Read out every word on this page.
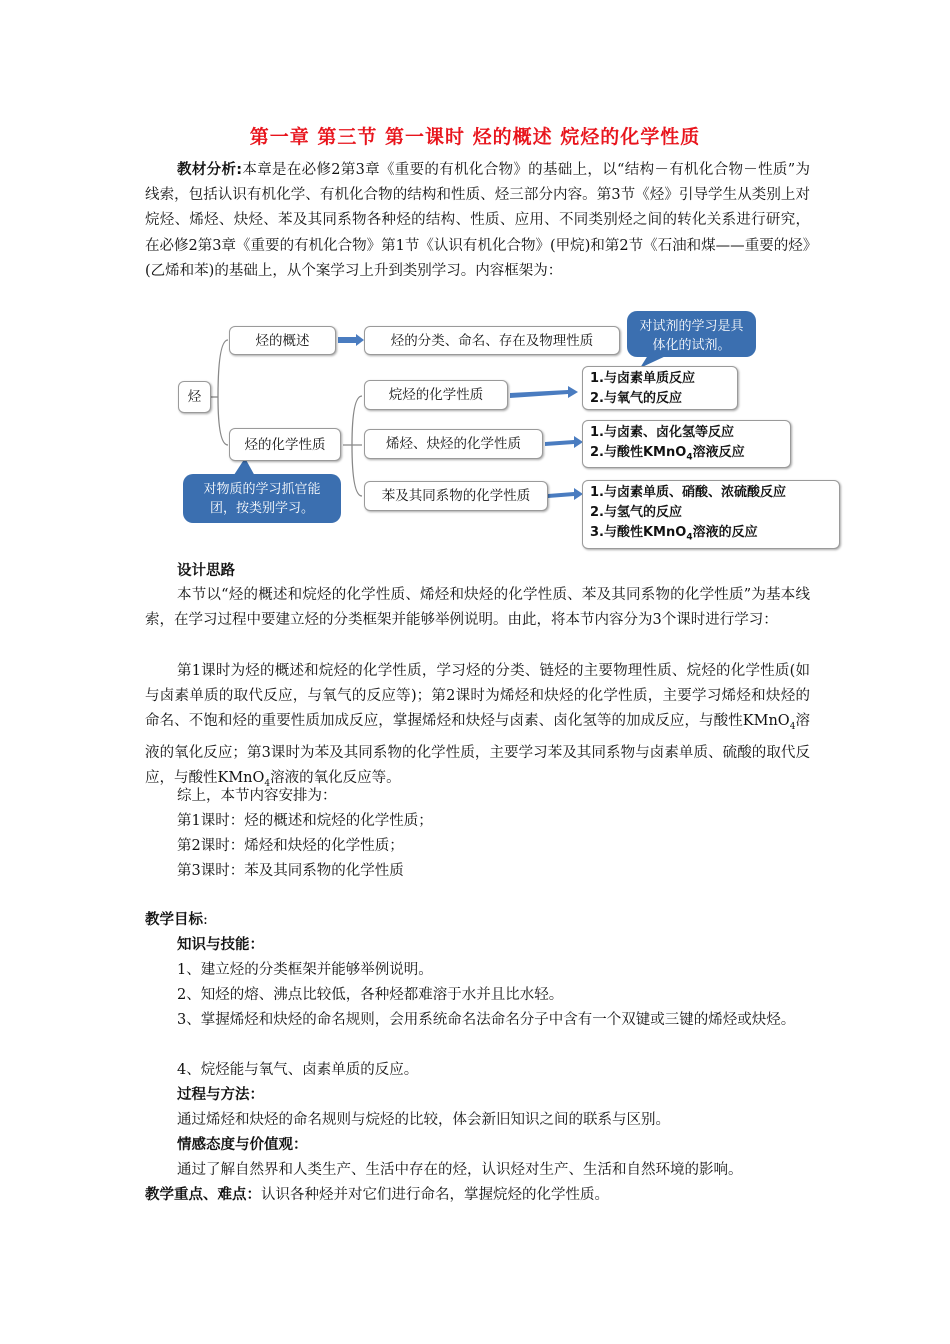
第一章 第三节 第一课时 烃的概述 烷烃的化学性质
教材分析:本章是在必修2第3章《重要的有机化合物》的基础上，以“结构－有机化合物－性质”为线索，包括认识有机化学、有机化合物的结构和性质、烃三部分内容。第3节《烃》引导学生从类别上对烷烃、烯烃、炔烃、苯及其同系物各种烃的结构、性质、应用、不同类别烃之间的转化关系进行研究，在必修2第3章《重要的有机化合物》第1节《认识有机化合物》(甲烷)和第2节《石油和煤——重要的烃》(乙烯和苯)的基础上，从个案学习上升到类别学习。内容框架为：
烃
烃的概述	烃的分类、命名、存在及物理性质
烃的化学性质
烷烃的化学性质
烯烃、炔烃的化学性质
苯及其同系物的化学性质
1.与卤素单质反应
2.与氧气的反应
1.与卤素、卤化氢等反应
2.与酸性KMnO$_4$溶液反应
1.与卤素单质、硝酸、浓硫酸反应
2.与氢气的反应
3.与酸性KMnO$_4$溶液的反应
对试剂的学习是具体化的试剂。
对物质的学习抓官能团，按类别学习。
设计思路
本节以“烃的概述和烷烃的化学性质、烯烃和炔烃的化学性质、苯及其同系物的化学性质”为基本线索，在学习过程中要建立烃的分类框架并能够举例说明。由此，将本节内容分为3个课时进行学习：
第1课时为烃的概述和烷烃的化学性质，学习烃的分类、链烃的主要物理性质、烷烃的化学性质(如与卤素单质的取代反应，与氧气的反应等)；第2课时为烯烃和炔烃的化学性质，主要学习烯烃和炔烃的命名、不饱和烃的重要性质加成反应，掌握烯烃和炔烃与卤素、卤化氢等的加成反应，与酸性KMnO$_4$溶液的氧化反应；第3课时为苯及其同系物的化学性质，主要学习苯及其同系物与卤素单质、硫酸的取代反应，与酸性KMnO$_4$溶液的氧化反应等。
综上，本节内容安排为：
第1课时：烃的概述和烷烃的化学性质；
第2课时：烯烃和炔烃的化学性质；
第3课时：苯及其同系物的化学性质
教学目标:
知识与技能：
1、建立烃的分类框架并能够举例说明。
2、知烃的熔、沸点比较低，各种烃都难溶于水并且比水轻。
3、掌握烯烃和炔烃的命名规则，会用系统命名法命名分子中含有一个双键或三键的烯烃或炔烃。
4、烷烃能与氧气、卤素单质的反应。
过程与方法：
通过烯烃和炔烃的命名规则与烷烃的比较，体会新旧知识之间的联系与区别。
情感态度与价值观：
通过了解自然界和人类生产、生活中存在的烃，认识烃对生产、生活和自然环境的影响。
教学重点、难点：认识各种烃并对它们进行命名，掌握烷烃的化学性质。
